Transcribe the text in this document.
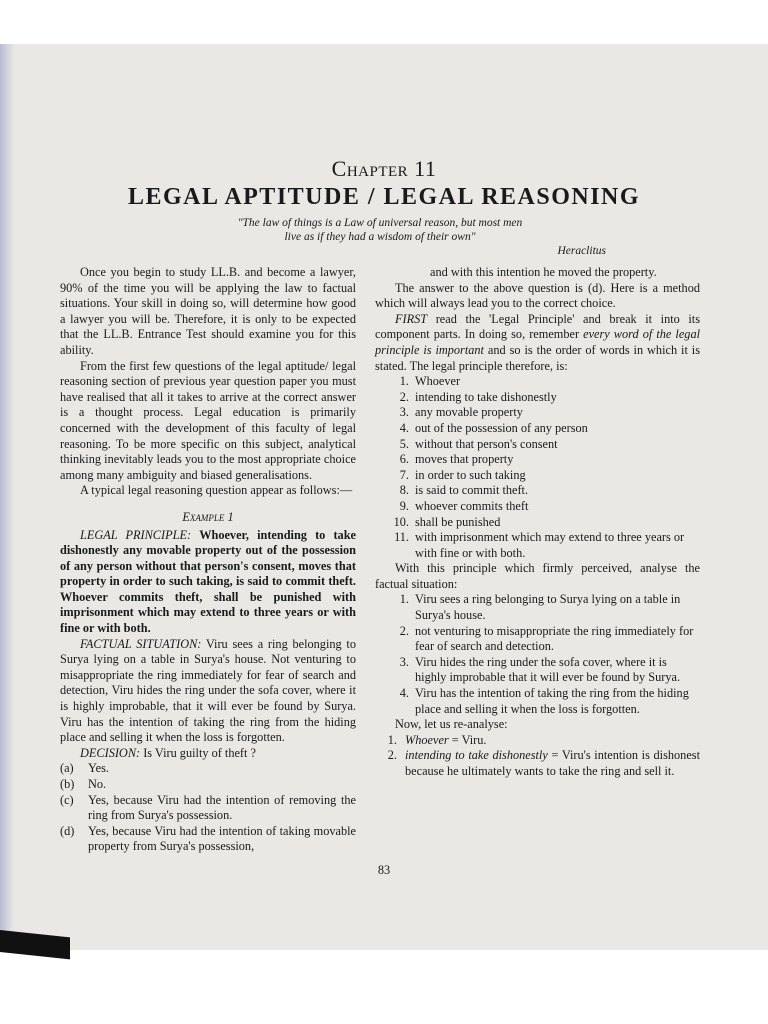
Chapter 11
LEGAL APTITUDE / LEGAL REASONING
"The law of things is a Law of universal reason, but most men
live as if they had a wisdom of their own"
Heraclitus

Once you begin to study LL.B. and become a lawyer, 90% of the time you will be applying the law to factual situations. Your skill in doing so, will determine how good a lawyer you will be. Therefore, it is only to be expected that the LL.B. Entrance Test should examine you for this ability.

From the first few questions of the legal aptitude/ legal reasoning section of previous year question paper you must have realised that all it takes to arrive at the correct answer is a thought process. Legal education is primarily concerned with the development of this faculty of legal reasoning. To be more specific on this subject, analytical thinking inevitably leads you to the most appropriate choice among many ambiguity and biased generalisations.

A typical legal reasoning question appear as follows:—

Example 1

LEGAL PRINCIPLE: Whoever, intending to take dishonestly any movable property out of the possession of any person without that person's consent, moves that property in order to such taking, is said to commit theft. Whoever commits theft, shall be punished with imprisonment which may extend to three years or with fine or with both.

FACTUAL SITUATION: Viru sees a ring belonging to Surya lying on a table in Surya's house. Not venturing to misappropriate the ring immediately for fear of search and detection, Viru hides the ring under the sofa cover, where it is highly improbable, that it will ever be found by Surya. Viru has the intention of taking the ring from the hiding place and selling it when the loss is forgotten.

DECISION: Is Viru guilty of theft ?

(a)	Yes.
(b)	No.
(c)	Yes, because Viru had the intention of removing the ring from Surya's possession.
(d)	Yes, because Viru had the intention of taking movable property from Surya's possession,

and with this intention he moved the property.

The answer to the above question is (d). Here is a method which will always lead you to the correct choice.

FIRST read the 'Legal Principle' and break it into its component parts. In doing so, remember every word of the legal principle is important and so is the order of words in which it is stated. The legal principle therefore, is:

1. Whoever
2. intending to take dishonestly
3. any movable property
4. out of the possession of any person
5. without that person's consent
6. moves that property
7. in order to such taking
8. is said to commit theft.
9. whoever commits theft
10. shall be punished
11. with imprisonment which may extend to three years or with fine or with both.

With this principle which firmly perceived, analyse the factual situation:

1. Viru sees a ring belonging to Surya lying on a table in Surya's house.
2. not venturing to misappropriate the ring immediately for fear of search and detection.
3. Viru hides the ring under the sofa cover, where it is highly improbable that it will ever be found by Surya.
4. Viru has the intention of taking the ring from the hiding place and selling it when the loss is forgotten.

Now, let us re-analyse:

1. Whoever = Viru.
2. intending to take dishonestly = Viru's intention is dishonest because he ultimately wants to take the ring and sell it.
83
